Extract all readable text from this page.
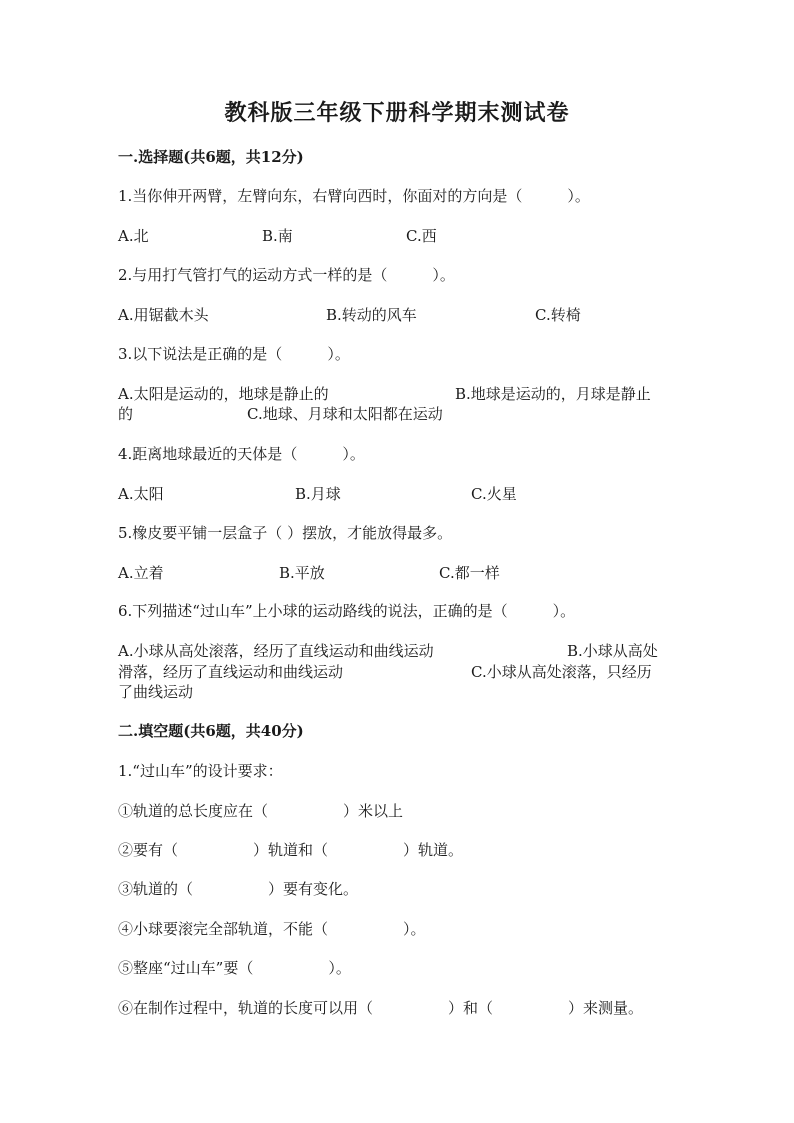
教科版三年级下册科学期末测试卷
一.选择题(共6题，共12分)
1.当你伸开两臂，左臂向东，右臂向西时，你面对的方向是（　　　）。
A.北	B.南	C.西
2.与用打气管打气的运动方式一样的是（　　　）。
A.用锯截木头	B.转动的风车	C.转椅
3.以下说法是正确的是（　　　）。
A.太阳是运动的，地球是静止的	B.地球是运动的，月球是静止
的	C.地球、月球和太阳都在运动
4.距离地球最近的天体是（　　　）。
A.太阳	B.月球	C.火星
5.橡皮要平铺一层盒子（ ）摆放，才能放得最多。
A.立着	B.平放	C.都一样
6.下列描述“过山车”上小球的运动路线的说法，正确的是（　　　）。
A.小球从高处滚落，经历了直线运动和曲线运动	B.小球从高处
滑落，经历了直线运动和曲线运动	C.小球从高处滚落，只经历
了曲线运动
二.填空题(共6题，共40分)
1.“过山车”的设计要求：
①轨道的总长度应在（　　　　　）米以上
②要有（　　　　　）轨道和（　　　　　）轨道。
③轨道的（　　　　　）要有变化。
④小球要滚完全部轨道，不能（　　　　　）。
⑤整座“过山车”要（　　　　　）。
⑥在制作过程中，轨道的长度可以用（　　　　　）和（　　　　　）来测量。
